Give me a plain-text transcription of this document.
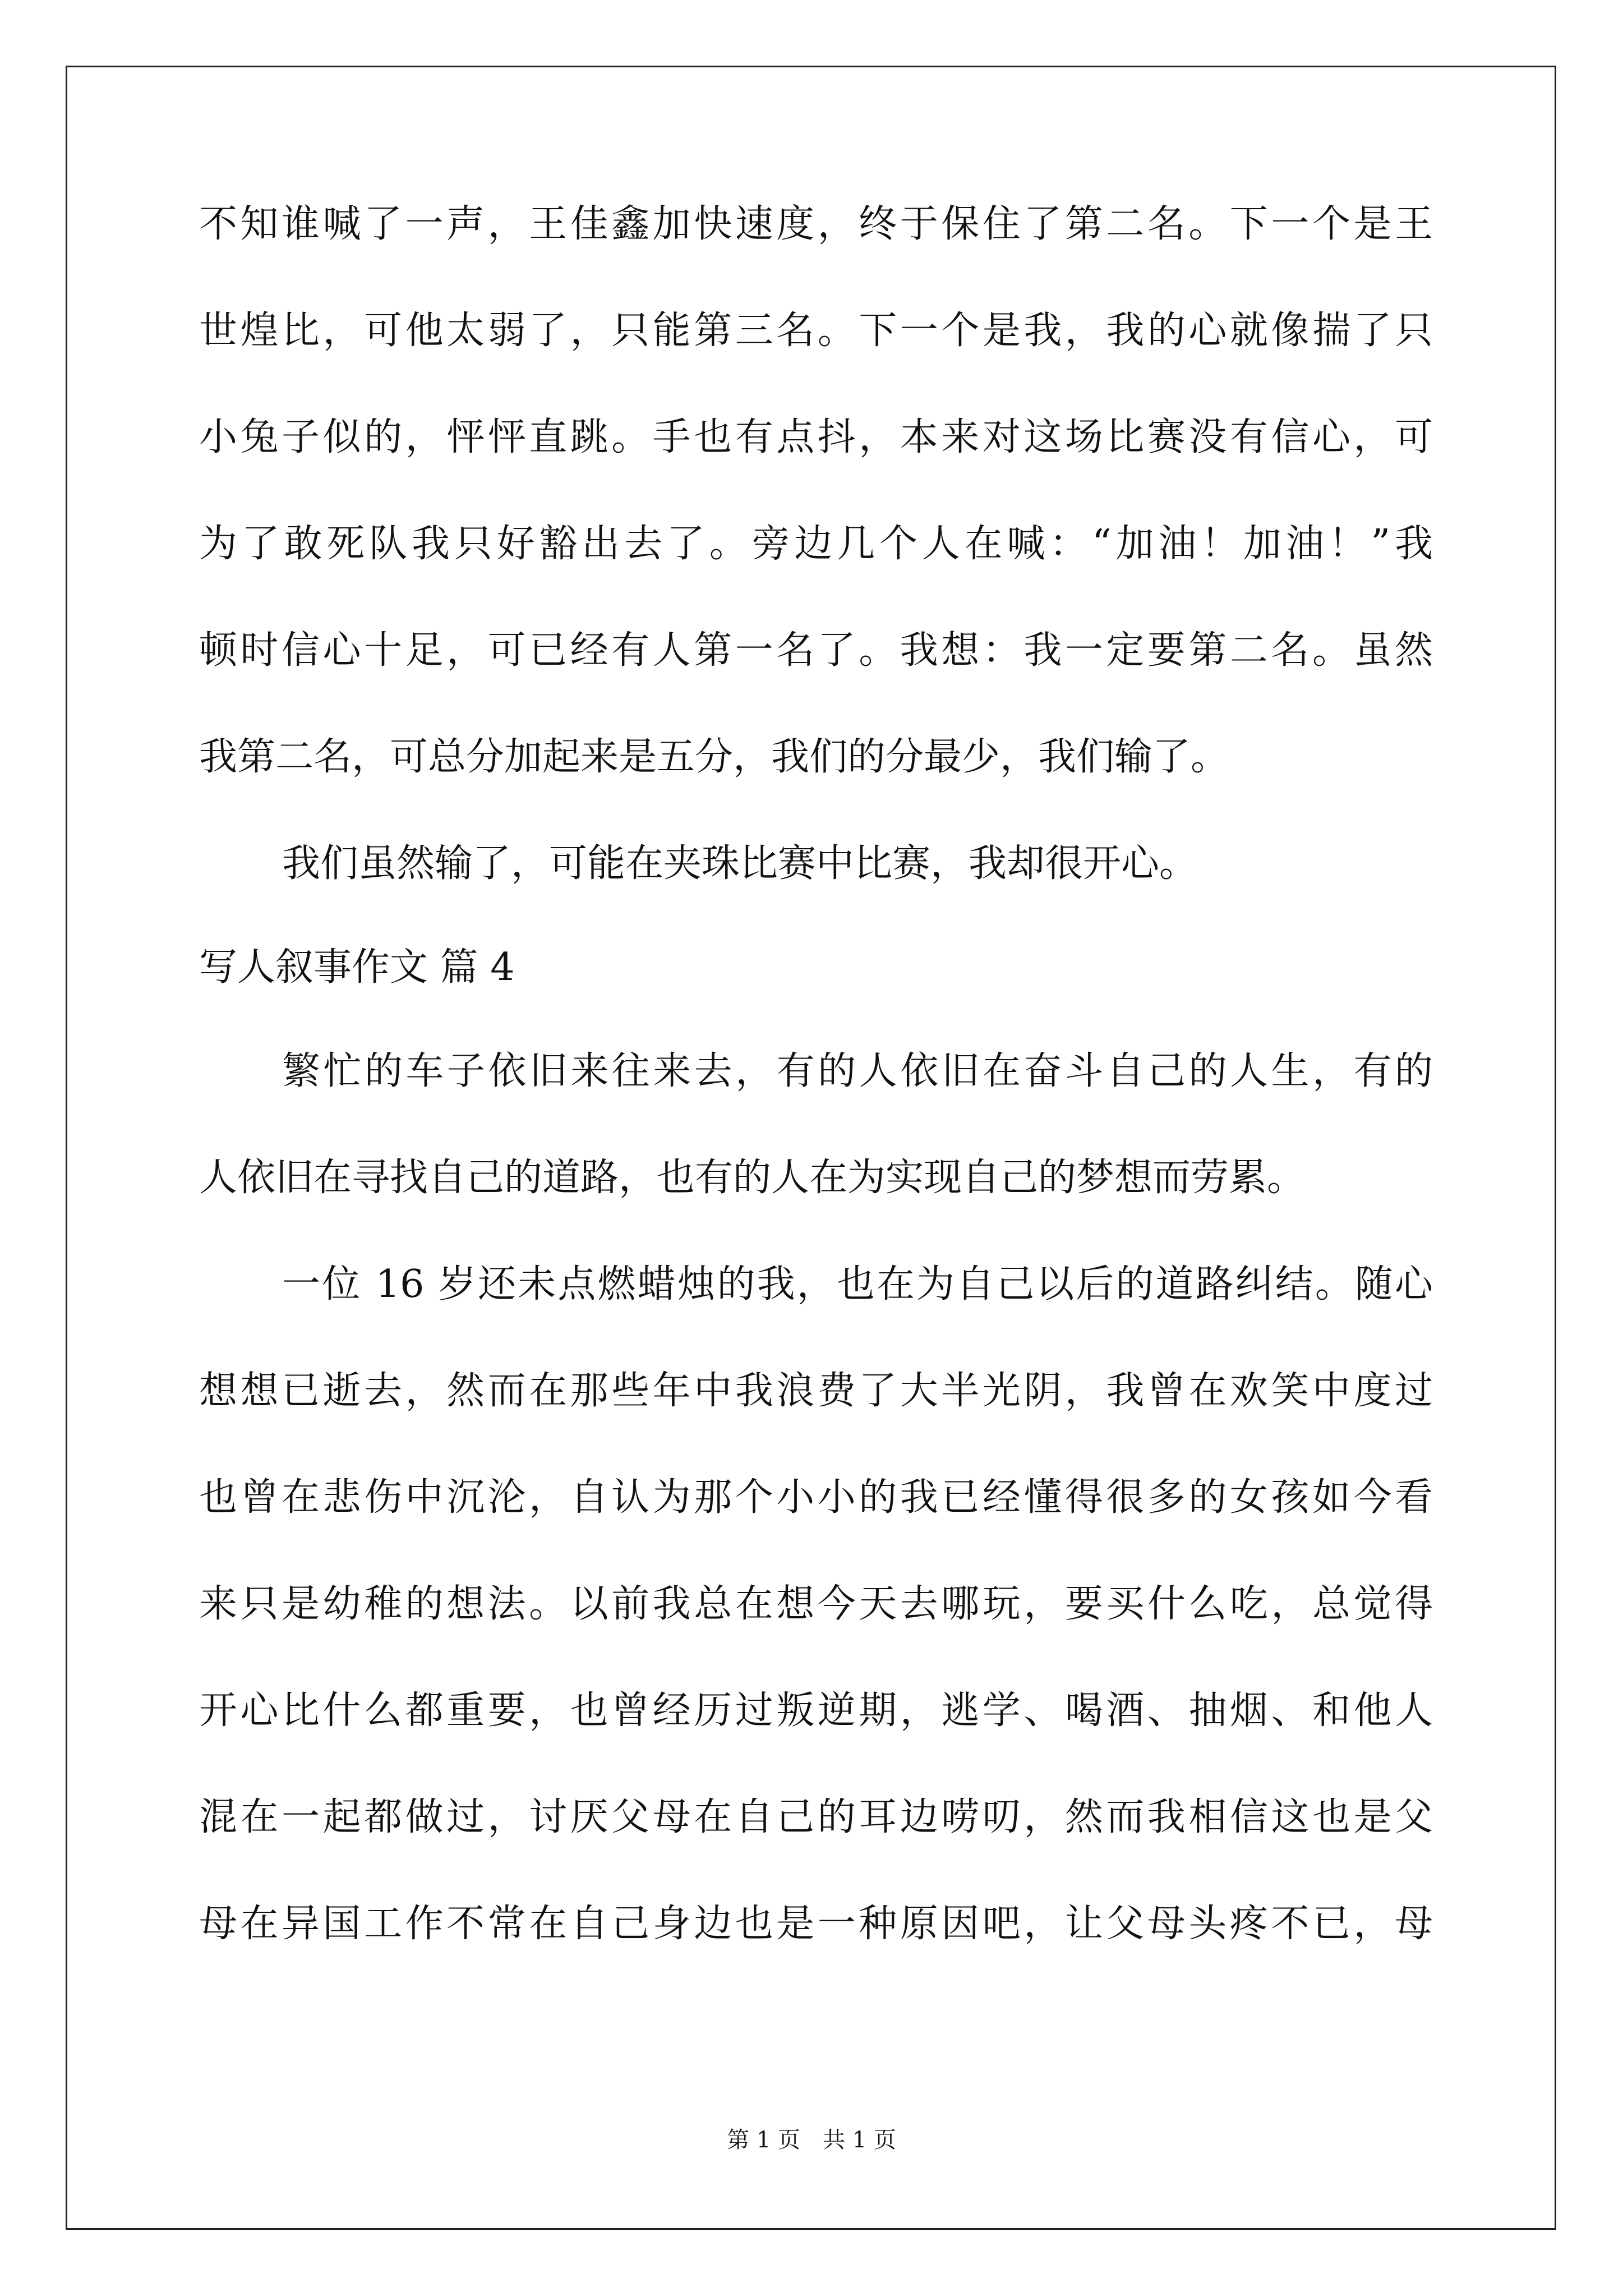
不知谁喊了一声，王佳鑫加快速度，终于保住了第二名。下一个是王
世煌比，可他太弱了，只能第三名。下一个是我，我的心就像揣了只
小兔子似的，怦怦直跳。手也有点抖，本来对这场比赛没有信心，可
为了敢死队我只好豁出去了。旁边几个人在喊：“加油！加油！”我
顿时信心十足，可已经有人第一名了。我想：我一定要第二名。虽然
我第二名，可总分加起来是五分，我们的分最少，我们输了。
我们虽然输了，可能在夹珠比赛中比赛，我却很开心。
写人叙事作文 篇 4
繁忙的车子依旧来往来去，有的人依旧在奋斗自己的人生，有的
人依旧在寻找自己的道路，也有的人在为实现自己的梦想而劳累。
一位 16 岁还未点燃蜡烛的我，也在为自己以后的道路纠结。随心
想想已逝去，然而在那些年中我浪费了大半光阴，我曾在欢笑中度过
也曾在悲伤中沉沦，自认为那个小小的我已经懂得很多的女孩如今看
来只是幼稚的想法。以前我总在想今天去哪玩，要买什么吃，总觉得
开心比什么都重要，也曾经历过叛逆期，逃学、喝酒、抽烟、和他人
混在一起都做过，讨厌父母在自己的耳边唠叨，然而我相信这也是父
母在异国工作不常在自己身边也是一种原因吧，让父母头疼不已，母
第 1 页　共 1 页
